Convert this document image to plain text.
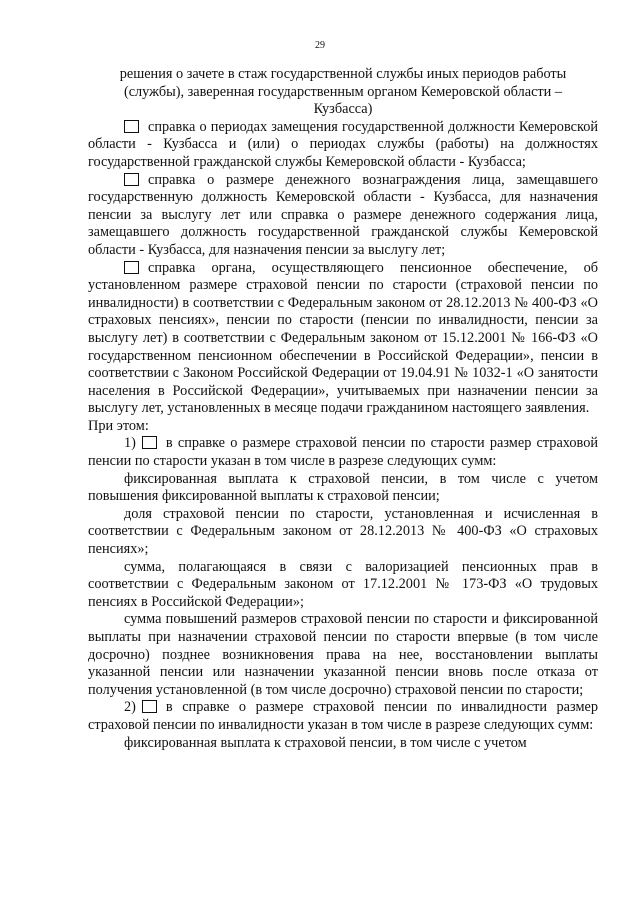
29
решения о зачете в стаж государственной службы иных периодов работы (службы), заверенная государственным органом Кемеровской области – Кузбасса)

справка о периодах замещения государственной должности Кемеровской области - Кузбасса и (или) о периодах службы (работы) на должностях государственной гражданской службы Кемеровской области - Кузбасса;

справка о размере денежного вознаграждения лица, замещавшего государственную должность Кемеровской области - Кузбасса, для назначения пенсии за выслугу лет или справка о размере денежного содержания лица, замещавшего должность государственной гражданской службы Кемеровской области - Кузбасса, для назначения пенсии за выслугу лет;

справка органа, осуществляющего пенсионное обеспечение, об установленном размере страховой пенсии по старости (страховой пенсии по инвалидности) в соответствии с Федеральным законом от 28.12.2013 № 400-ФЗ «О страховых пенсиях», пенсии по старости (пенсии по инвалидности, пенсии за выслугу лет) в соответствии с Федеральным законом от 15.12.2001 № 166-ФЗ «О государственном пенсионном обеспечении в Российской Федерации», пенсии в соответствии с Законом Российской Федерации от 19.04.91 № 1032-1 «О занятости населения в Российской Федерации», учитываемых при назначении пенсии за выслугу лет, установленных в месяце подачи гражданином настоящего заявления.

При этом:

1) в справке о размере страховой пенсии по старости размер страховой пенсии по старости указан в том числе в разрезе следующих сумм:

фиксированная выплата к страховой пенсии, в том числе с учетом повышения фиксированной выплаты к страховой пенсии;

доля страховой пенсии по старости, установленная и исчисленная в соответствии с Федеральным законом от 28.12.2013 № 400-ФЗ «О страховых пенсиях»;

сумма, полагающаяся в связи с валоризацией пенсионных прав в соответствии с Федеральным законом от 17.12.2001 № 173-ФЗ «О трудовых пенсиях в Российской Федерации»;

сумма повышений размеров страховой пенсии по старости и фиксированной выплаты при назначении страховой пенсии по старости впервые (в том числе досрочно) позднее возникновения права на нее, восстановлении выплаты указанной пенсии или назначении указанной пенсии вновь после отказа от получения установленной (в том числе досрочно) страховой пенсии по старости;

2) в справке о размере страховой пенсии по инвалидности размер страховой пенсии по инвалидности указан в том числе в разрезе следующих сумм:

фиксированная выплата к страховой пенсии, в том числе с учетом
